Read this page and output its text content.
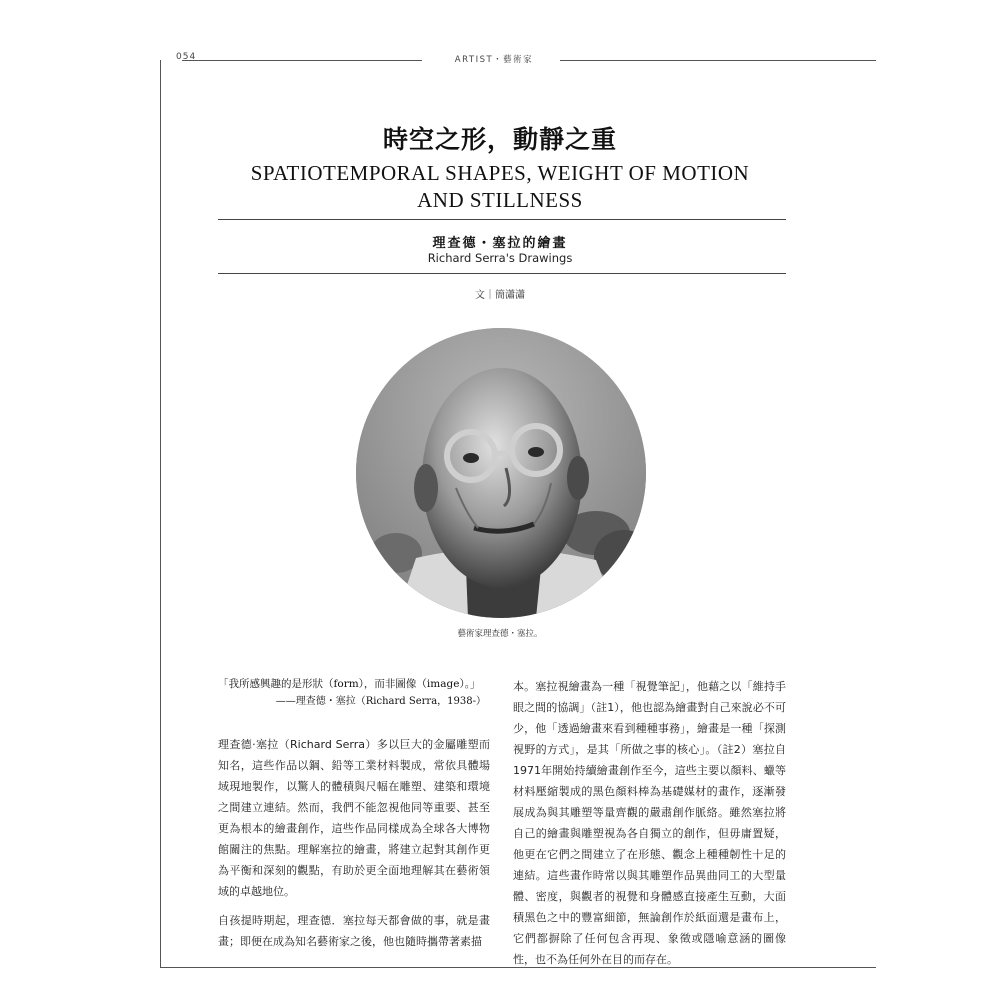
054	ARTIST・藝術家
時空之形，動靜之重
SPATIOTEMPORAL SHAPES, WEIGHT OF MOTION AND STILLNESS
理查德・塞拉的繪畫
Richard Serra's Drawings
文｜簡瀟瀟
藝術家理查德・塞拉。
「我所感興趣的是形狀（form），而非圖像（image）。」
——理查德・塞拉（Richard Serra，1938-）

理查德·塞拉（Richard Serra）多以巨大的金屬雕塑而知名，這些作品以鋼、鉛等工業材料製成，常依具體場域現地製作，以驚人的體積與尺幅在雕塑、建築和環境之間建立連結。然而，我們不能忽視他同等重要、甚至更為根本的繪畫創作，這些作品同樣成為全球各大博物館關注的焦點。理解塞拉的繪畫，將建立起對其創作更為平衡和深刻的觀點，有助於更全面地理解其在藝術領域的卓越地位。

自孩提時期起，理查德．塞拉每天都會做的事，就是畫畫；即便在成為知名藝術家之後，他也隨時攜帶著素描

本。塞拉視繪畫為一種「視覺筆記」，他藉之以「維持手眼之間的協調」（註1），他也認為繪畫對自己來說必不可少，他「透過繪畫來看到種種事務」，繪畫是一種「探測視野的方式」，是其「所做之事的核心」。（註2）塞拉自1971年開始持續繪畫創作至今，這些主要以顏料、蠟等材料壓縮製成的黑色顏料棒為基礎媒材的畫作，逐漸發展成為與其雕塑等量齊觀的嚴肅創作脈絡。雖然塞拉將自己的繪畫與雕塑視為各自獨立的創作，但毋庸置疑，他更在它們之間建立了在形態、觀念上種種韌性十足的連結。這些畫作時常以與其雕塑作品異曲同工的大型量體、密度，與觀者的視覺和身體感直接產生互動，大面積黑色之中的豐富細節，無論創作於紙面還是畫布上，它們都摒除了任何包含再現、象徵或隱喻意涵的圖像性，也不為任何外在目的而存在。
